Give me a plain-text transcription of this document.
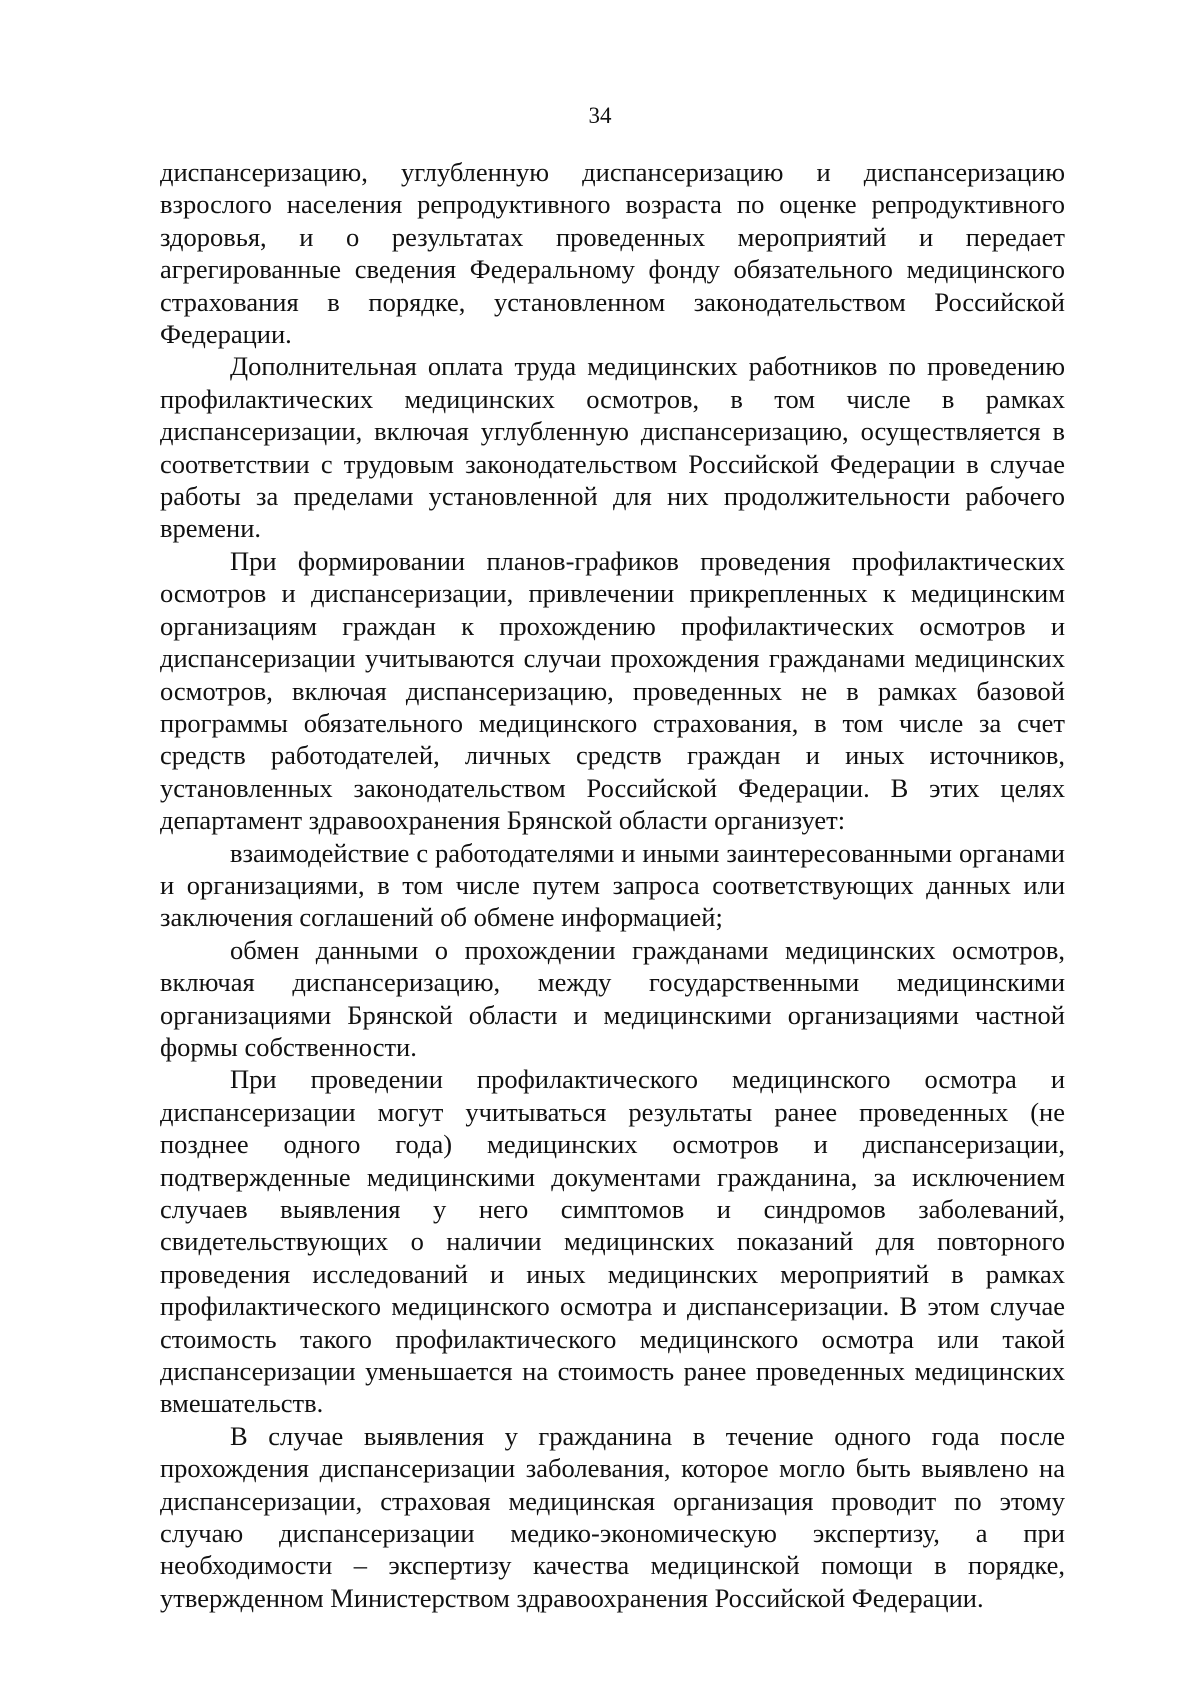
34

диспансеризацию, углубленную диспансеризацию и диспансеризацию взрослого населения репродуктивного возраста по оценке репродуктивного здоровья, и о результатах проведенных мероприятий и передает агрегированные сведения Федеральному фонду обязательного медицинского страхования в порядке, установленном законодательством Российской Федерации.

Дополнительная оплата труда медицинских работников по проведению профилактических медицинских осмотров, в том числе в рамках диспансеризации, включая углубленную диспансеризацию, осуществляется в соответствии с трудовым законодательством Российской Федерации в случае работы за пределами установленной для них продолжительности рабочего времени.

При формировании планов-графиков проведения профилактических осмотров и диспансеризации, привлечении прикрепленных к медицинским организациям граждан к прохождению профилактических осмотров и диспансеризации учитываются случаи прохождения гражданами медицинских осмотров, включая диспансеризацию, проведенных не в рамках базовой программы обязательного медицинского страхования, в том числе за счет средств работодателей, личных средств граждан и иных источников, установленных законодательством Российской Федерации. В этих целях департамент здравоохранения Брянской области организует:

взаимодействие с работодателями и иными заинтересованными органами и организациями, в том числе путем запроса соответствующих данных или заключения соглашений об обмене информацией;

обмен данными о прохождении гражданами медицинских осмотров, включая диспансеризацию, между государственными медицинскими организациями Брянской области и медицинскими организациями частной формы собственности.

При проведении профилактического медицинского осмотра и диспансеризации могут учитываться результаты ранее проведенных (не позднее одного года) медицинских осмотров и диспансеризации, подтвержденные медицинскими документами гражданина, за исключением случаев выявления у него симптомов и синдромов заболеваний, свидетельствующих о наличии медицинских показаний для повторного проведения исследований и иных медицинских мероприятий в рамках профилактического медицинского осмотра и диспансеризации. В этом случае стоимость такого профилактического медицинского осмотра или такой диспансеризации уменьшается на стоимость ранее проведенных медицинских вмешательств.

В случае выявления у гражданина в течение одного года после прохождения диспансеризации заболевания, которое могло быть выявлено на диспансеризации, страховая медицинская организация проводит по этому случаю диспансеризации медико-экономическую экспертизу, а при необходимости – экспертизу качества медицинской помощи в порядке, утвержденном Министерством здравоохранения Российской Федерации.
